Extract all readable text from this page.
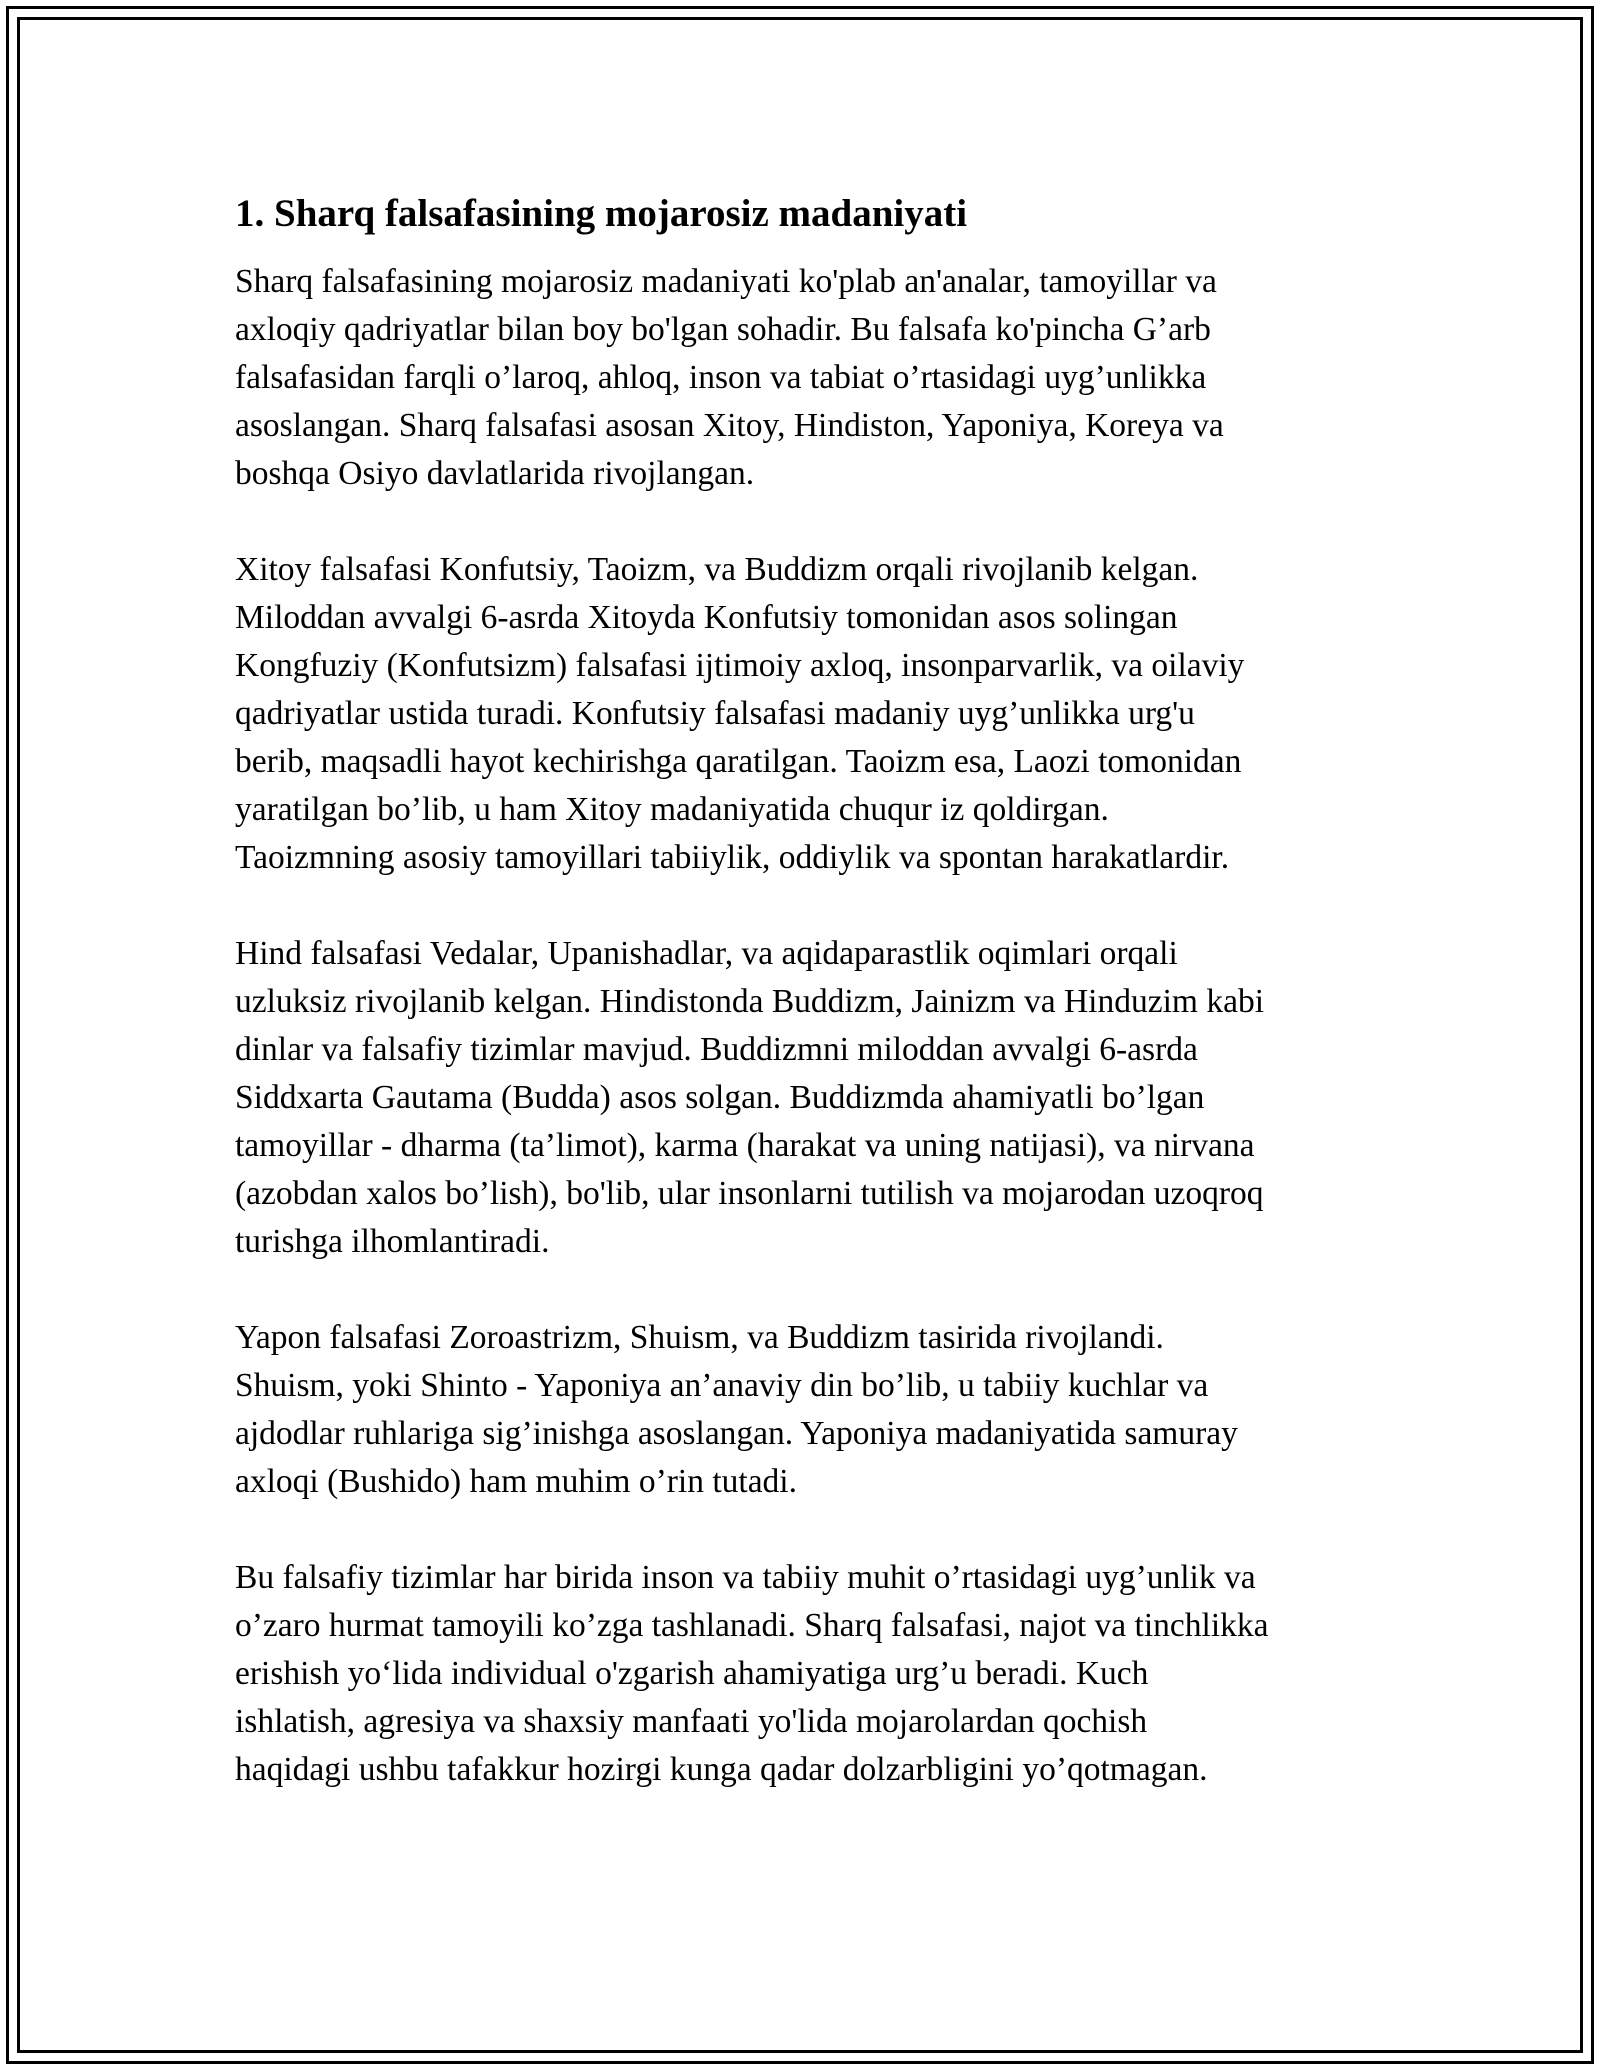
1. Sharq falsafasining mojarosiz madaniyati

Sharq falsafasining mojarosiz madaniyati ko'plab an'analar, tamoyillar va
axloqiy qadriyatlar bilan boy bo'lgan sohadir. Bu falsafa ko'pincha G’arb
falsafasidan farqli o’laroq, ahloq, inson va tabiat o’rtasidagi uyg’unlikka
asoslangan. Sharq falsafasi asosan Xitoy, Hindiston, Yaponiya, Koreya va
boshqa Osiyo davlatlarida rivojlangan.

Xitoy falsafasi Konfutsiy, Taoizm, va Buddizm orqali rivojlanib kelgan.
Miloddan avvalgi 6-asrda Xitoyda Konfutsiy tomonidan asos solingan
Kongfuziy (Konfutsizm) falsafasi ijtimoiy axloq, insonparvarlik, va oilaviy
qadriyatlar ustida turadi. Konfutsiy falsafasi madaniy uyg’unlikka urg'u
berib, maqsadli hayot kechirishga qaratilgan. Taoizm esa, Laozi tomonidan
yaratilgan bo’lib, u ham Xitoy madaniyatida chuqur iz qoldirgan.
Taoizmning asosiy tamoyillari tabiiylik, oddiylik va spontan harakatlardir.

Hind falsafasi Vedalar, Upanishadlar, va aqidaparastlik oqimlari orqali
uzluksiz rivojlanib kelgan. Hindistonda Buddizm, Jainizm va Hinduzim kabi
dinlar va falsafiy tizimlar mavjud. Buddizmni miloddan avvalgi 6-asrda
Siddxarta Gautama (Budda) asos solgan. Buddizmda ahamiyatli bo’lgan
tamoyillar - dharma (ta’limot), karma (harakat va uning natijasi), va nirvana
(azobdan xalos bo’lish), bo'lib, ular insonlarni tutilish va mojarodan uzoqroq
turishga ilhomlantiradi.

Yapon falsafasi Zoroastrizm, Shuism, va Buddizm tasirida rivojlandi.
Shuism, yoki Shinto - Yaponiya an’anaviy din bo’lib, u tabiiy kuchlar va
ajdodlar ruhlariga sig’inishga asoslangan. Yaponiya madaniyatida samuray
axloqi (Bushido) ham muhim o’rin tutadi.

Bu falsafiy tizimlar har birida inson va tabiiy muhit o’rtasidagi uyg’unlik va
o’zaro hurmat tamoyili ko’zga tashlanadi. Sharq falsafasi, najot va tinchlikka
erishish yo‘lida individual o'zgarish ahamiyatiga urg’u beradi. Kuch
ishlatish, agresiya va shaxsiy manfaati yo'lida mojarolardan qochish
haqidagi ushbu tafakkur hozirgi kunga qadar dolzarbligini yo’qotmagan.
